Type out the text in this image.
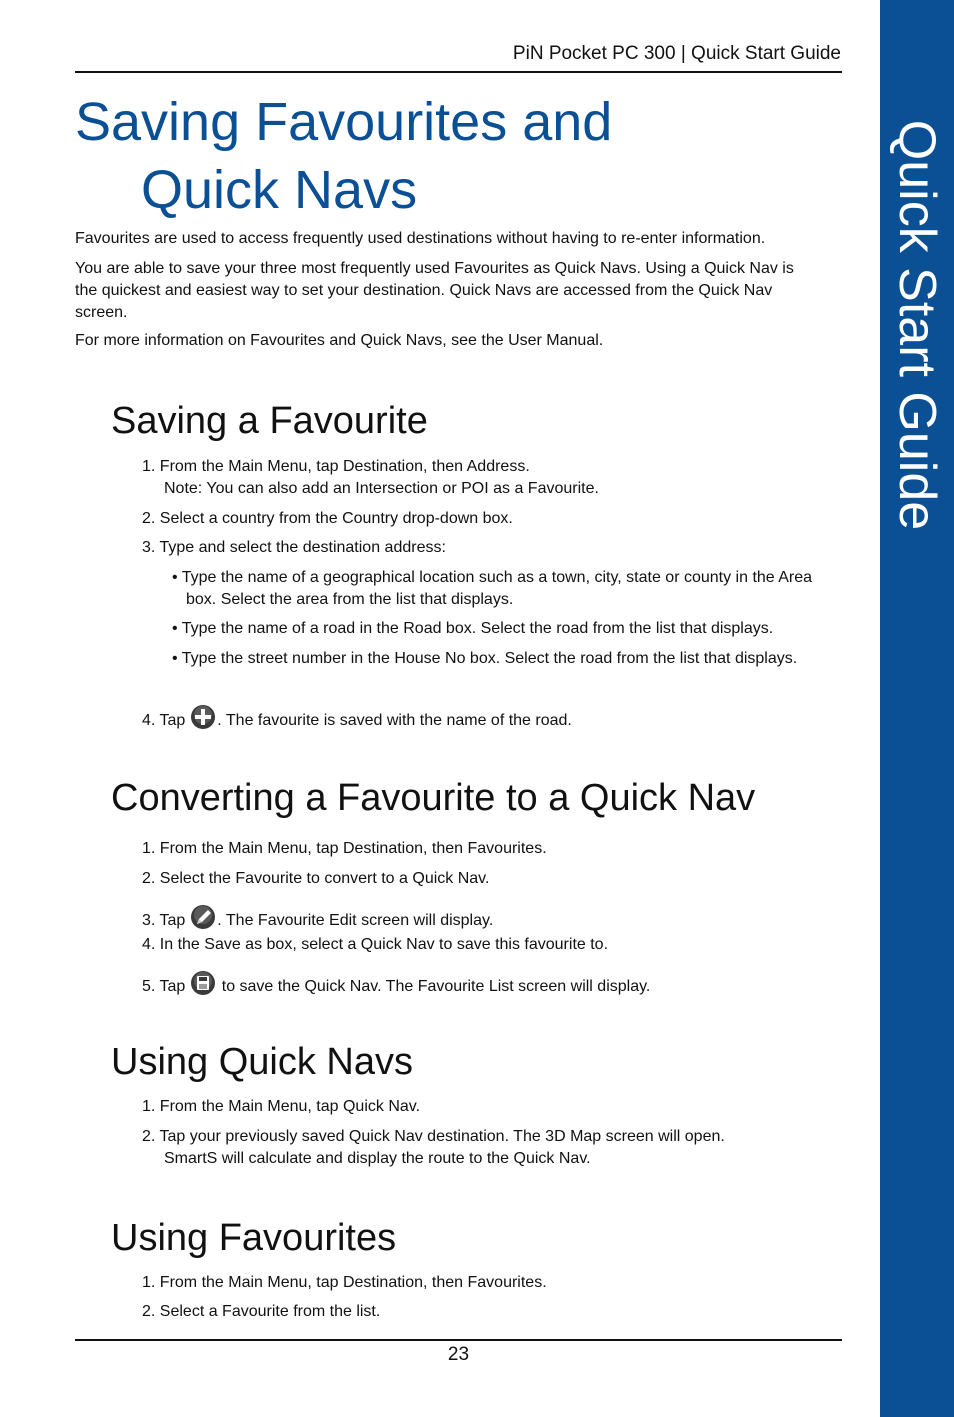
Quick Start Guide
PiN Pocket PC 300 | Quick Start Guide
Saving Favourites and
Quick Navs

Favourites are used to access frequently used destinations without having to re-enter information.

You are able to save your three most frequently used Favourites as Quick Navs. Using a Quick Nav is the quickest and easiest way to set your destination. Quick Navs are accessed from the Quick Nav screen.

For more information on Favourites and Quick Navs, see the User Manual.

Saving a Favourite

1. From the Main Menu, tap Destination, then Address.
Note: You can also add an Intersection or POI as a Favourite.

2. Select a country from the Country drop-down box.

3. Type and select the destination address:

• Type the name of a geographical location such as a town, city, state or county in the Area box. Select the area from the list that displays.

• Type the name of a road in the Road box. Select the road from the list that displays.

• Type the street number in the House No box. Select the road from the list that displays.

4. Tap . The favourite is saved with the name of the road.

Converting a Favourite to a Quick Nav

1. From the Main Menu, tap Destination, then Favourites.

2. Select the Favourite to convert to a Quick Nav.

3. Tap . The Favourite Edit screen will display.

4. In the Save as box, select a Quick Nav to save this favourite to.

5. Tap to save the Quick Nav. The Favourite List screen will display.

Using Quick Navs

1. From the Main Menu, tap Quick Nav.

2. Tap your previously saved Quick Nav destination. The 3D Map screen will open.
SmartS will calculate and display the route to the Quick Nav.

Using Favourites

1. From the Main Menu, tap Destination, then Favourites.

2. Select a Favourite from the list.

23
